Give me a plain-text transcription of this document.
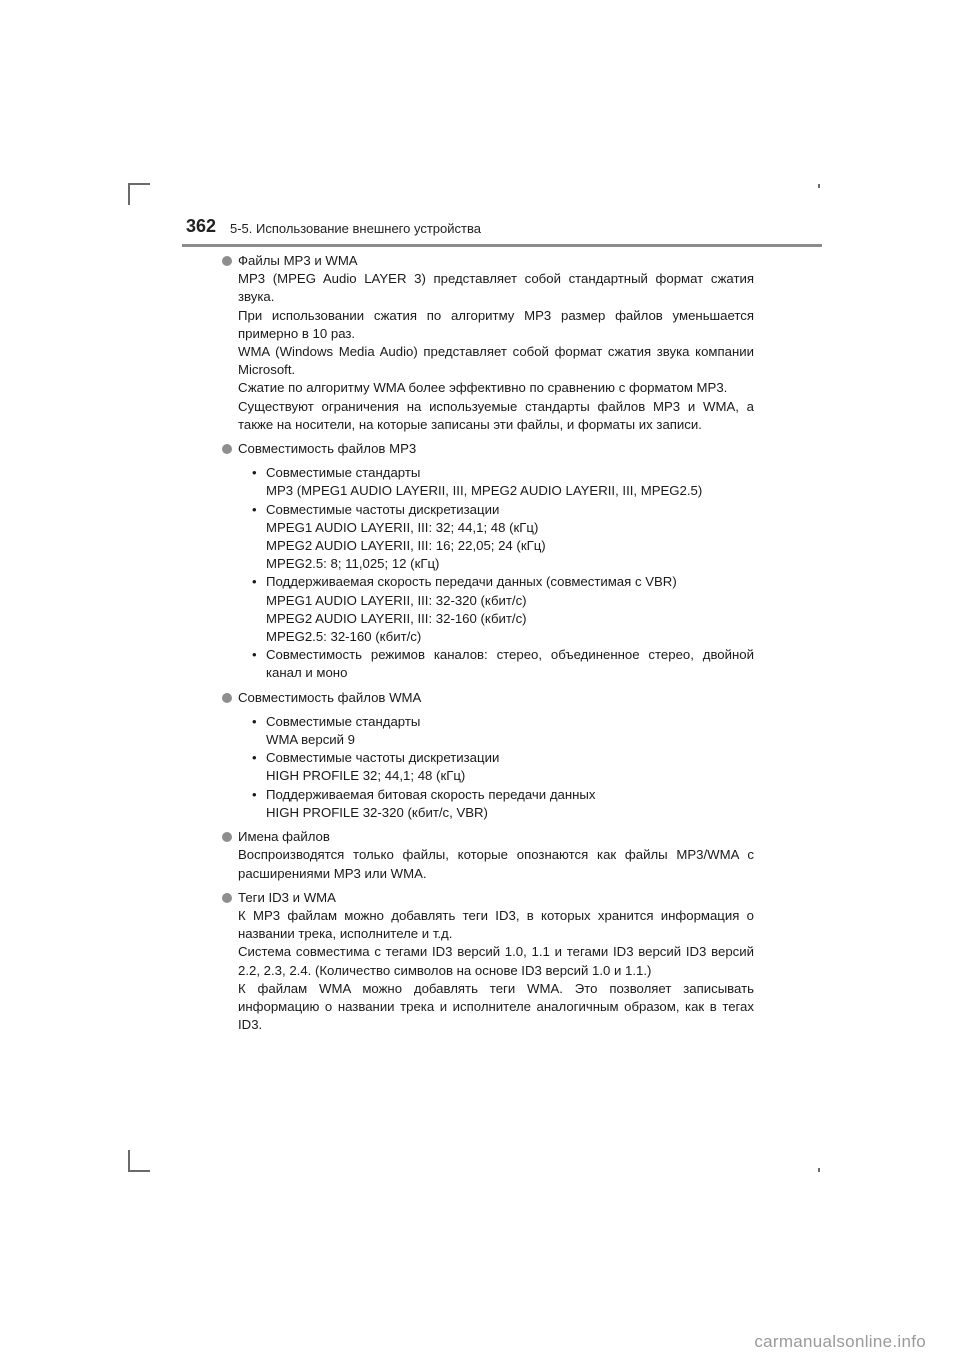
362 5-5. Использование внешнего устройства
Файлы MP3 и WMA
MP3 (MPEG Audio LAYER 3) представляет собой стандартный формат сжатия звука.
При использовании сжатия по алгоритму MP3 размер файлов уменьшается примерно в 10 раз.
WMA (Windows Media Audio) представляет собой формат сжатия звука компании Microsoft.
Сжатие по алгоритму WMA более эффективно по сравнению с форматом MP3.
Существуют ограничения на используемые стандарты файлов MP3 и WMA, а также на носители, на которые записаны эти файлы, и форматы их записи.
Совместимость файлов MP3
• Совместимые стандарты
MP3 (MPEG1 AUDIO LAYERII, III, MPEG2 AUDIO LAYERII, III, MPEG2.5)
• Совместимые частоты дискретизации
MPEG1 AUDIO LAYERII, III: 32; 44,1; 48 (кГц)
MPEG2 AUDIO LAYERII, III: 16; 22,05; 24 (кГц)
MPEG2.5: 8; 11,025; 12 (кГц)
• Поддерживаемая скорость передачи данных (совместимая с VBR)
MPEG1 AUDIO LAYERII, III: 32-320 (кбит/с)
MPEG2 AUDIO LAYERII, III: 32-160 (кбит/с)
MPEG2.5: 32-160 (кбит/с)
• Совместимость режимов каналов: стерео, объединенное стерео, двойной канал и моно
Совместимость файлов WMA
• Совместимые стандарты
WMA версий 9
• Совместимые частоты дискретизации
HIGH PROFILE 32; 44,1; 48 (кГц)
• Поддерживаемая битовая скорость передачи данных
HIGH PROFILE 32-320 (кбит/с, VBR)
Имена файлов
Воспроизводятся только файлы, которые опознаются как файлы MP3/WMA с расширениями MP3 или WMA.
Теги ID3 и WMA
К MP3 файлам можно добавлять теги ID3, в которых хранится информация о названии трека, исполнителе и т.д.
Система совместима с тегами ID3 версий 1.0, 1.1 и тегами ID3 версий ID3 версий 2.2, 2.3, 2.4. (Количество символов на основе ID3 версий 1.0 и 1.1.)
К файлам WMA можно добавлять теги WMA. Это позволяет записывать информацию о названии трека и исполнителе аналогичным образом, как в тегах ID3.
carmanualsonline.info
